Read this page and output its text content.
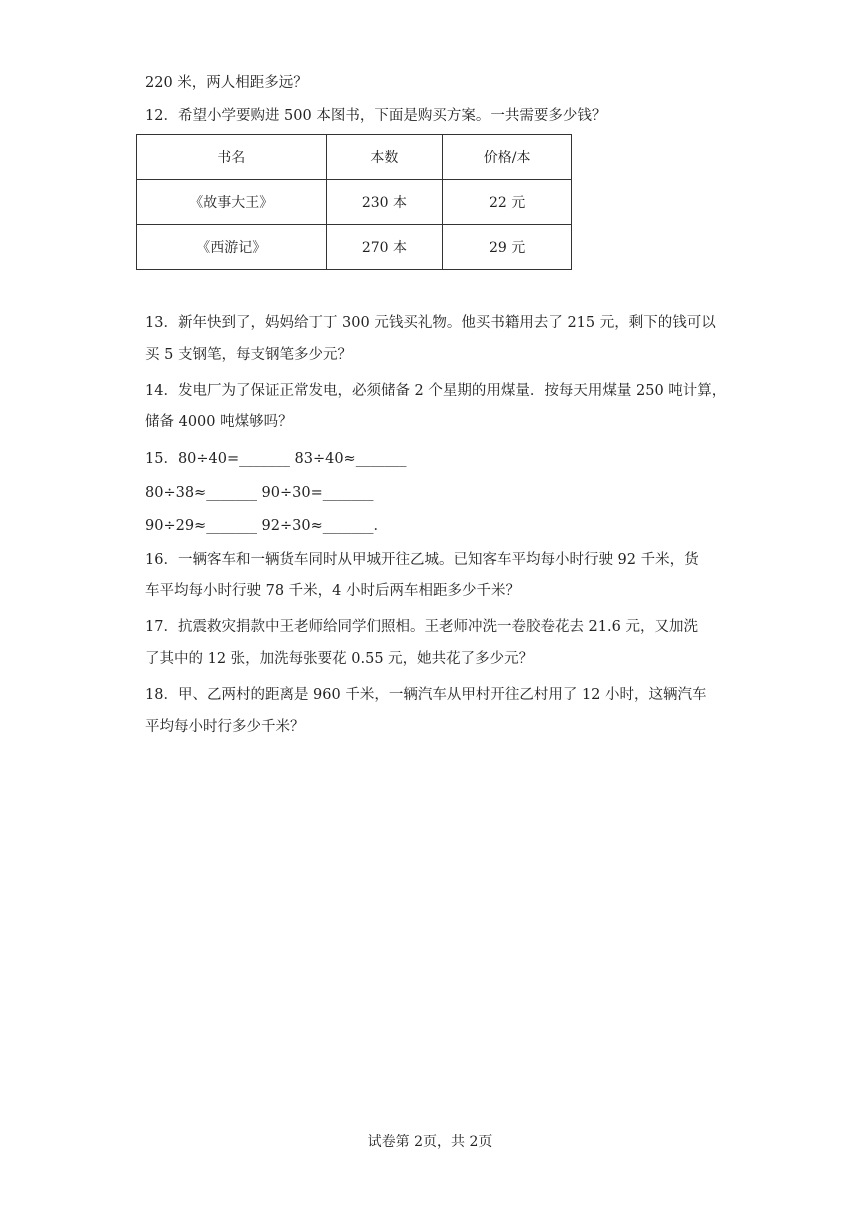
220 米，两人相距多远？
12．希望小学要购进 500 本图书，下面是购买方案。一共需要多少钱？
书名	本数	价格/本
《故事大王》	230 本	22 元
《西游记》	270 本	29 元
13．新年快到了，妈妈给丁丁 300 元钱买礼物。他买书籍用去了 215 元，剩下的钱可以
买 5 支钢笔，每支钢笔多少元？
14．发电厂为了保证正常发电，必须储备 2 个星期的用煤量．按每天用煤量 250 吨计算，
储备 4000 吨煤够吗？
15．80÷40=_______ 83÷40≈_______
80÷38≈_______ 90÷30=_______
90÷29≈_______ 92÷30≈_______．
16．一辆客车和一辆货车同时从甲城开往乙城。已知客车平均每小时行驶 92 千米，货
车平均每小时行驶 78 千米，4 小时后两车相距多少千米？
17．抗震救灾捐款中王老师给同学们照相。王老师冲洗一卷胶卷花去 21.6 元，又加洗
了其中的 12 张，加洗每张要花 0.55 元，她共花了多少元？
18．甲、乙两村的距离是 960 千米，一辆汽车从甲村开往乙村用了 12 小时，这辆汽车
平均每小时行多少千米？
试卷第 2页，共 2页
